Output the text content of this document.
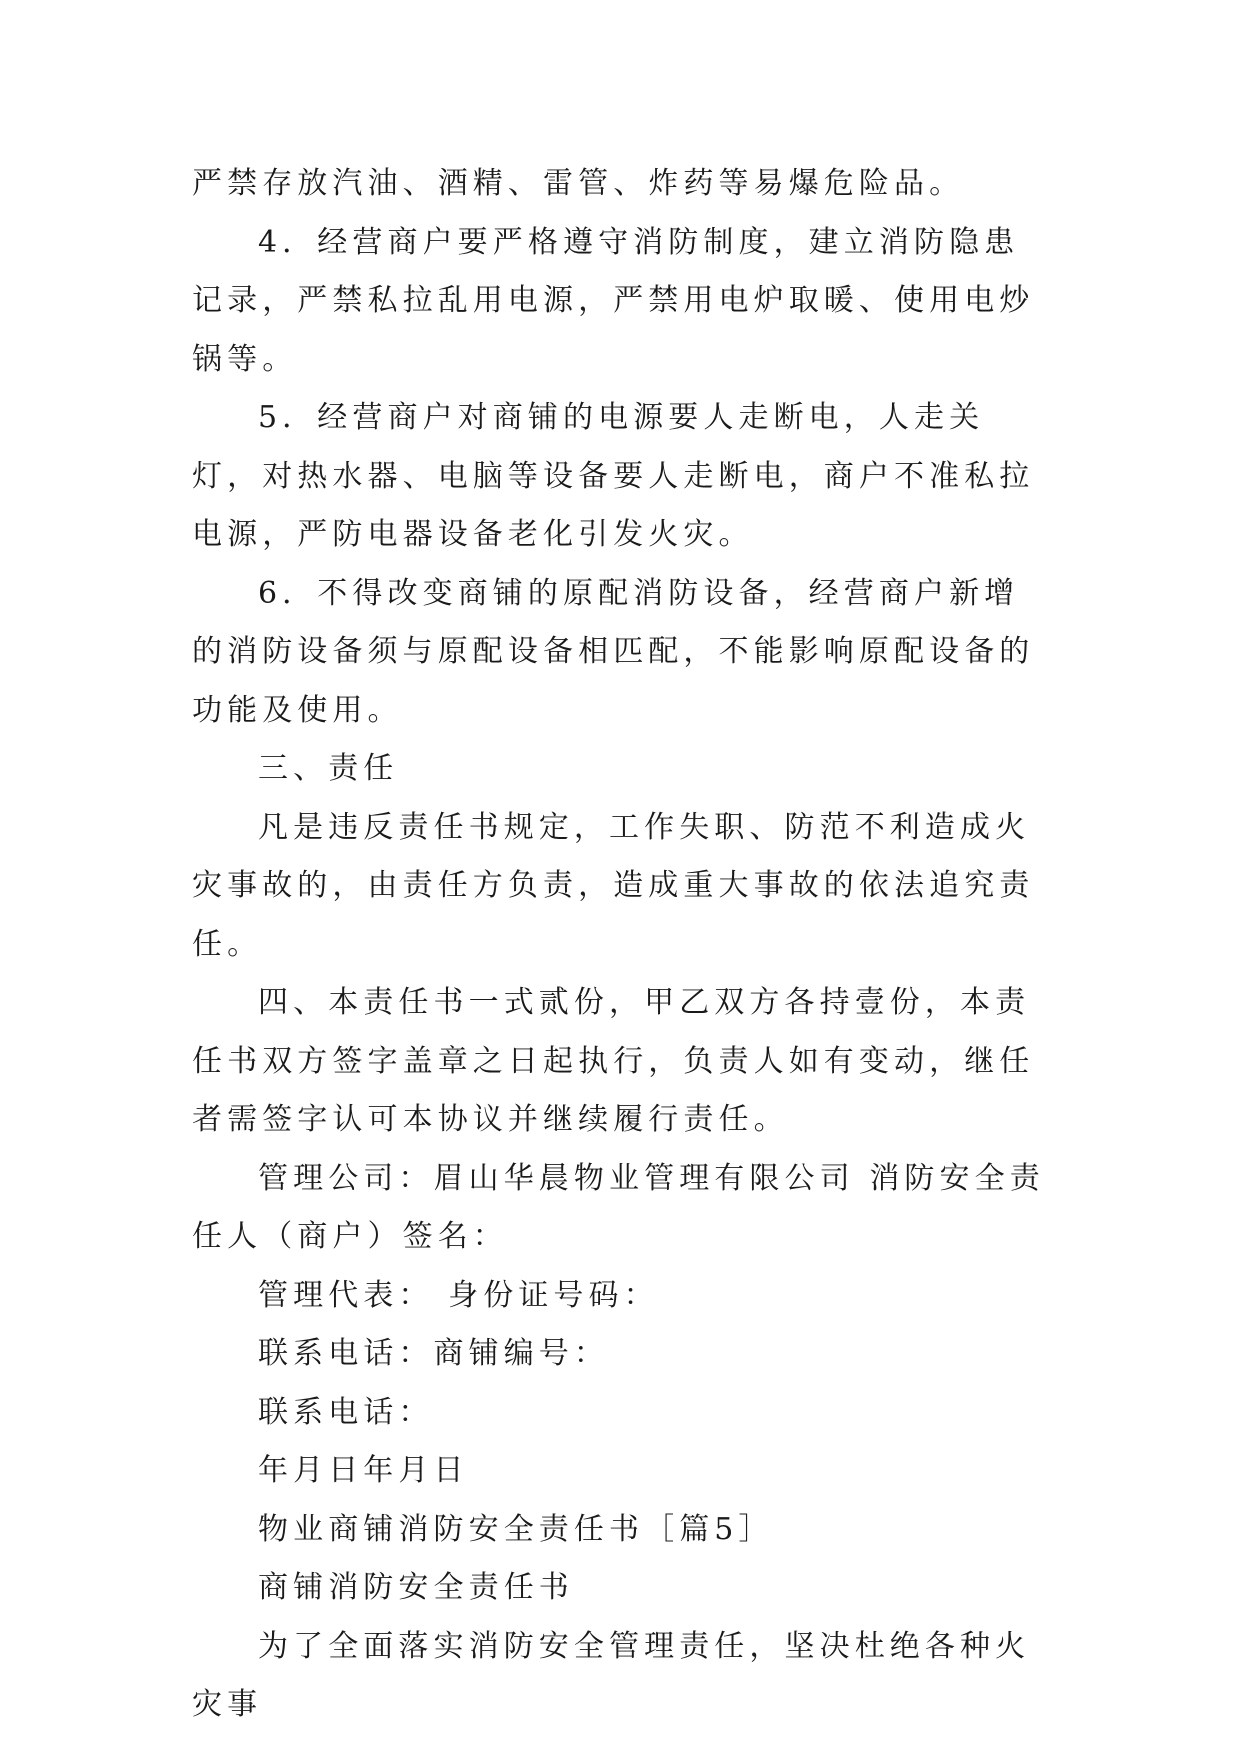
严禁存放汽油、酒精、雷管、炸药等易爆危险品。

4．经营商户要严格遵守消防制度，建立消防隐患记录，严禁私拉乱用电源，严禁用电炉取暖、使用电炒锅等。

5．经营商户对商铺的电源要人走断电，人走关灯，对热水器、电脑等设备要人走断电，商户不准私拉电源，严防电器设备老化引发火灾。

6．不得改变商铺的原配消防设备，经营商户新增的消防设备须与原配设备相匹配，不能影响原配设备的功能及使用。

三、责任

凡是违反责任书规定，工作失职、防范不利造成火灾事故的，由责任方负责，造成重大事故的依法追究责任。

四、本责任书一式贰份，甲乙双方各持壹份，本责任书双方签字盖章之日起执行，负责人如有变动，继任者需签字认可本协议并继续履行责任。

管理公司：眉山华晨物业管理有限公司 消防安全责任人（商户）签名：

管理代表： 身份证号码：

联系电话：商铺编号：

联系电话：

年月日年月日

物业商铺消防安全责任书［篇5］

商铺消防安全责任书

为了全面落实消防安全管理责任，坚决杜绝各种火灾事
